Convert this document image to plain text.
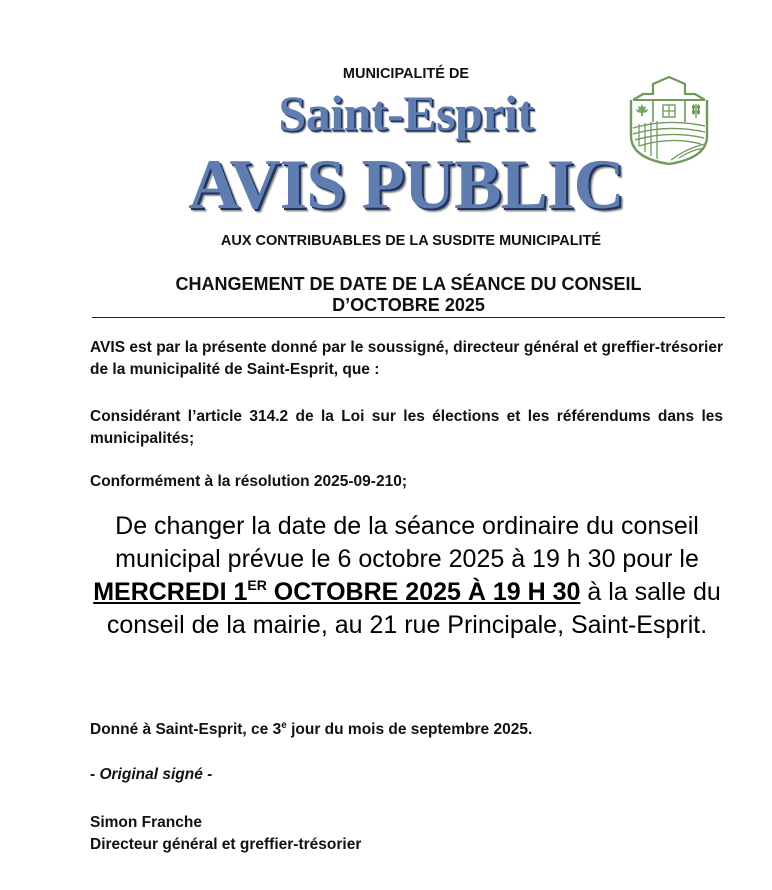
MUNICIPALITÉ DE
Saint-Esprit
AVIS PUBLIC
AUX CONTRIBUABLES DE LA SUSDITE MUNICIPALITÉ
CHANGEMENT DE DATE DE LA SÉANCE DU CONSEIL
D’OCTOBRE 2025
AVIS est par la présente donné par le soussigné, directeur général et greffier-trésorier de la municipalité de Saint-Esprit, que :
Considérant l’article 314.2 de la Loi sur les élections et les référendums dans les municipalités;
Conformément à la résolution 2025-09-210;
De changer la date de la séance ordinaire du conseil municipal prévue le 6 octobre 2025 à 19 h 30 pour le MERCREDI 1ER OCTOBRE 2025 À 19 H 30 à la salle du conseil de la mairie, au 21 rue Principale, Saint-Esprit.
Donné à Saint-Esprit, ce 3e jour du mois de septembre 2025.
- Original signé -
Simon Franche
Directeur général et greffier-trésorier
